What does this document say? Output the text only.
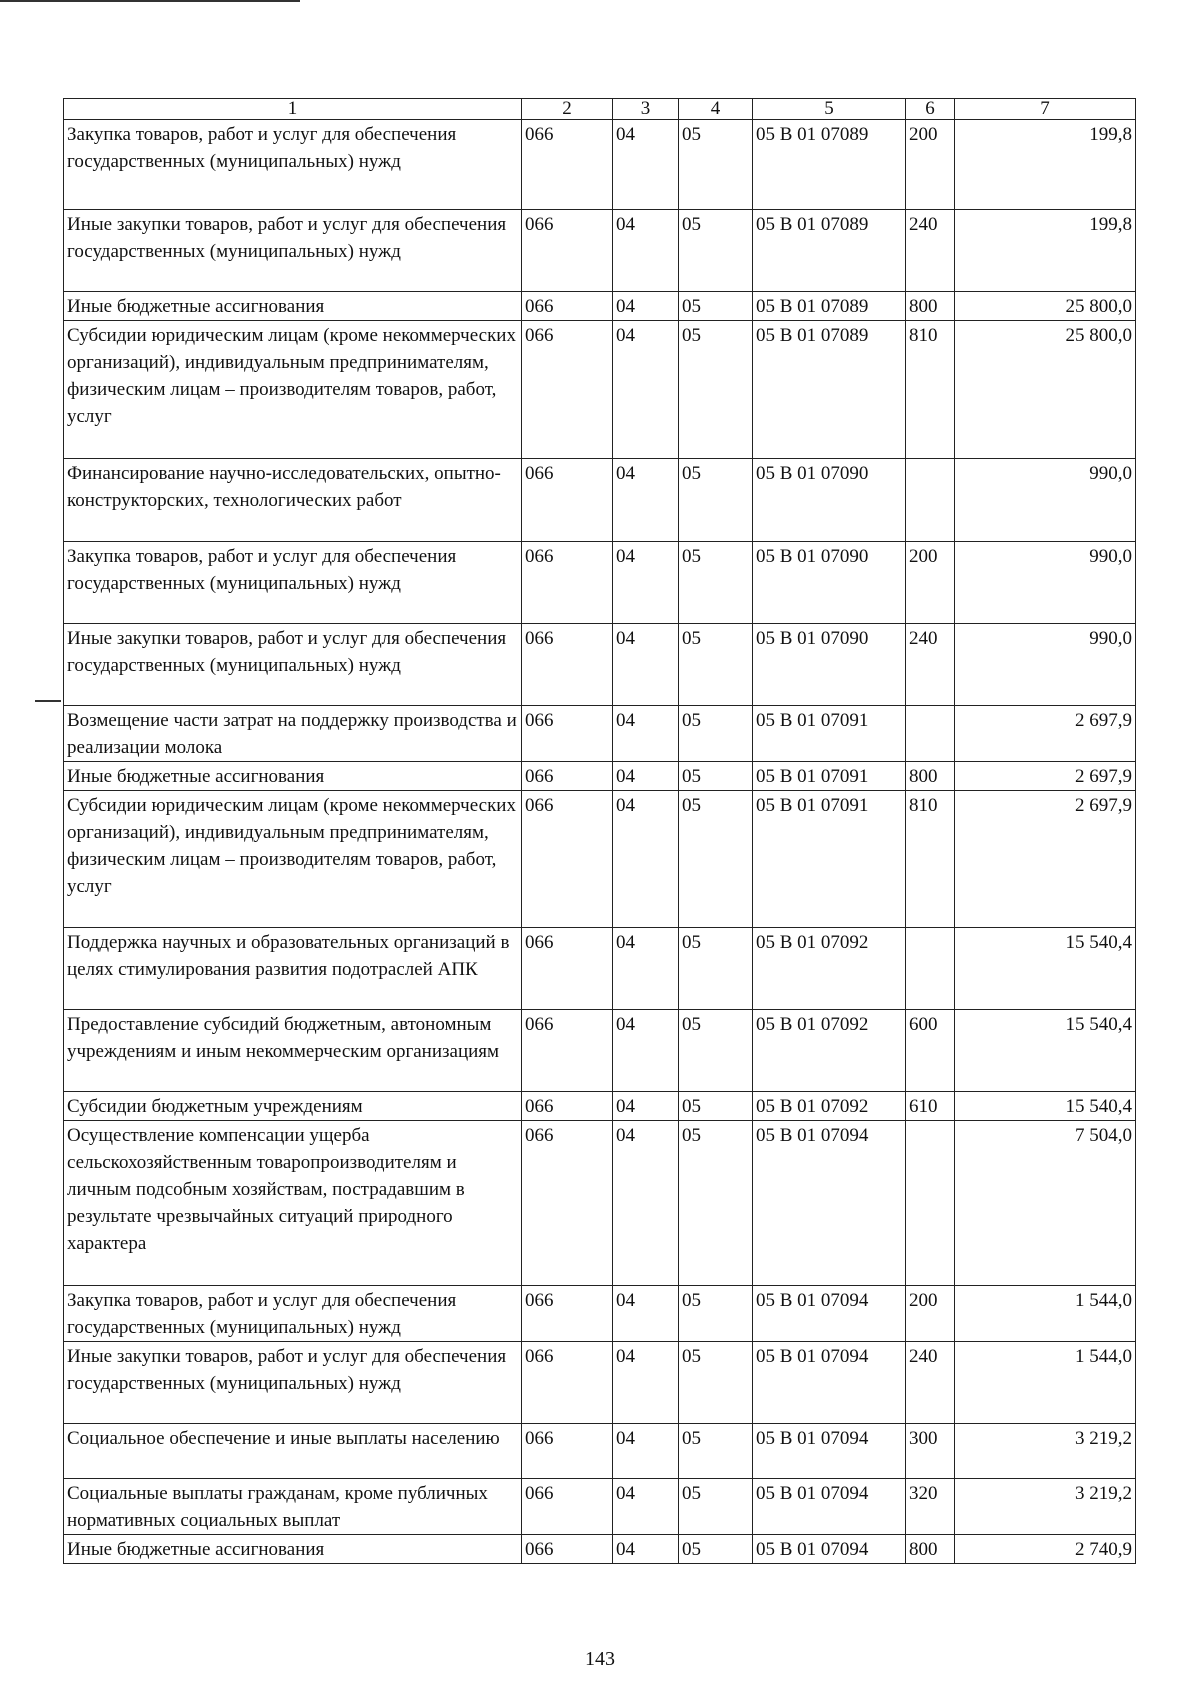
1	2	3	4	5	6	7
Закупка товаров, работ и услуг для обеспечения государственных (муниципальных) нужд	066	04	05	05 В 01 07089	200	199,8
Иные закупки товаров, работ и услуг для обеспечения государственных (муниципальных) нужд	066	04	05	05 В 01 07089	240	199,8
Иные бюджетные ассигнования	066	04	05	05 В 01 07089	800	25 800,0
Субсидии юридическим лицам (кроме некоммерческих организаций), индивидуальным предпринимателям, физическим лицам – производителям товаров, работ, услуг	066	04	05	05 В 01 07089	810	25 800,0
Финансирование научно-исследовательских, опытно-конструкторских, технологических работ	066	04	05	05 В 01 07090		990,0
Закупка товаров, работ и услуг для обеспечения государственных (муниципальных) нужд	066	04	05	05 В 01 07090	200	990,0
Иные закупки товаров, работ и услуг для обеспечения государственных (муниципальных) нужд	066	04	05	05 В 01 07090	240	990,0
Возмещение части затрат на поддержку производства и реализации молока	066	04	05	05 В 01 07091		2 697,9
Иные бюджетные ассигнования	066	04	05	05 В 01 07091	800	2 697,9
Субсидии юридическим лицам (кроме некоммерческих организаций), индивидуальным предпринимателям, физическим лицам – производителям товаров, работ, услуг	066	04	05	05 В 01 07091	810	2 697,9
Поддержка научных и образовательных организаций в целях стимулирования развития подотраслей АПК	066	04	05	05 В 01 07092		15 540,4
Предоставление субсидий бюджетным, автономным учреждениям и иным некоммерческим организациям	066	04	05	05 В 01 07092	600	15 540,4
Субсидии бюджетным учреждениям	066	04	05	05 В 01 07092	610	15 540,4
Осуществление компенсации ущерба сельскохозяйственным товаропроизводителям и личным подсобным хозяйствам, пострадавшим в результате чрезвычайных ситуаций природного характера	066	04	05	05 В 01 07094		7 504,0
Закупка товаров, работ и услуг для обеспечения государственных (муниципальных) нужд	066	04	05	05 В 01 07094	200	1 544,0
Иные закупки товаров, работ и услуг для обеспечения государственных (муниципальных) нужд	066	04	05	05 В 01 07094	240	1 544,0
Социальное обеспечение и иные выплаты населению	066	04	05	05 В 01 07094	300	3 219,2
Социальные выплаты гражданам, кроме публичных нормативных социальных выплат	066	04	05	05 В 01 07094	320	3 219,2
Иные бюджетные ассигнования	066	04	05	05 В 01 07094	800	2 740,9
143
